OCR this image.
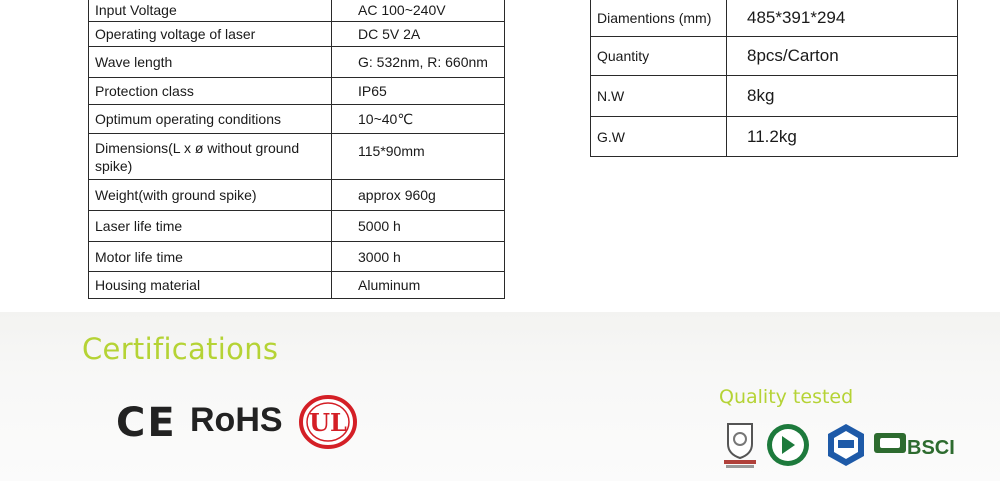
Input Voltage	AC 100~240V
Operating voltage of laser	DC 5V 2A
Wave length	G: 532nm, R: 660nm
Protection class	IP65
Optimum operating conditions	10~40℃
Dimensions(L x ø without ground spike)	115*90mm
Weight(with ground spike)	approx 960g
Laser life time	5000 h
Motor life time	3000 h
Housing material	Aluminum
Diamentions (mm)	485*391*294
Quantity	8pcs/Carton
N.W	8kg
G.W	11.2kg
Certifications
CE RoHS UL
Quality tested
BSCI
